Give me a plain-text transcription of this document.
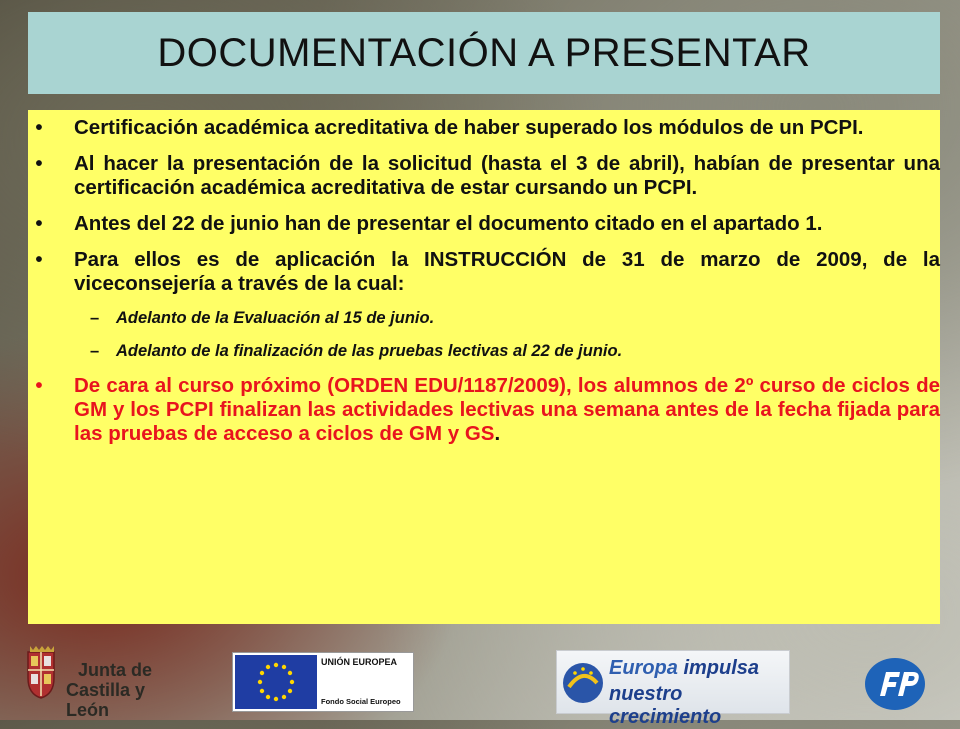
DOCUMENTACIÓN A PRESENTAR
• Certificación académica acreditativa de haber superado los módulos de un PCPI.
• Al hacer la presentación de la solicitud (hasta el 3 de abril), habían de presentar una certificación académica acreditativa de estar cursando un PCPI.
• Antes del 22 de junio han de presentar el documento citado en el apartado 1.
• Para ellos es de aplicación la INSTRUCCIÓN de 31 de marzo de 2009, de la viceconsejería a través de la cual:
– Adelanto de la Evaluación al 15 de junio.
– Adelanto de la finalización de las pruebas lectivas al 22 de junio.
• De cara al curso próximo (ORDEN EDU/1187/2009), los alumnos de 2º curso de ciclos de GM y los PCPI finalizan las actividades lectivas una semana antes de la fecha fijada para las pruebas de acceso a ciclos de GM y GS.
Junta de
Castilla y León
UNIÓN EUROPEA
Fondo Social Europeo
Europa impulsa
nuestro crecimiento
